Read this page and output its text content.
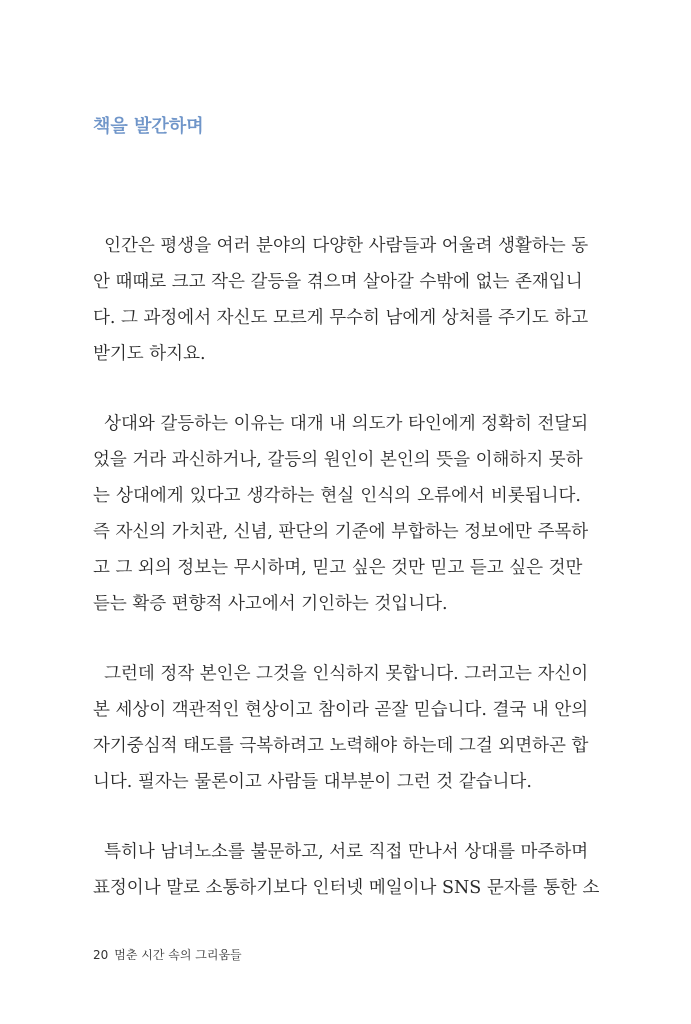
책을 발간하며

인간은 평생을 여러 분야의 다양한 사람들과 어울려 생활하는 동
안 때때로 크고 작은 갈등을 겪으며 살아갈 수밖에 없는 존재입니
다. 그 과정에서 자신도 모르게 무수히 남에게 상처를 주기도 하고
받기도 하지요.

상대와 갈등하는 이유는 대개 내 의도가 타인에게 정확히 전달되
었을 거라 과신하거나, 갈등의 원인이 본인의 뜻을 이해하지 못하
는 상대에게 있다고 생각하는 현실 인식의 오류에서 비롯됩니다.
즉 자신의 가치관, 신념, 판단의 기준에 부합하는 정보에만 주목하
고 그 외의 정보는 무시하며, 믿고 싶은 것만 믿고 듣고 싶은 것만
듣는 확증 편향적 사고에서 기인하는 것입니다.

그런데 정작 본인은 그것을 인식하지 못합니다. 그러고는 자신이
본 세상이 객관적인 현상이고 참이라 곧잘 믿습니다. 결국 내 안의
자기중심적 태도를 극복하려고 노력해야 하는데 그걸 외면하곤 합
니다. 필자는 물론이고 사람들 대부분이 그런 것 같습니다.

특히나 남녀노소를 불문하고, 서로 직접 만나서 상대를 마주하며
표정이나 말로 소통하기보다 인터넷 메일이나 SNS 문자를 통한 소

20 멈춘 시간 속의 그리움들
